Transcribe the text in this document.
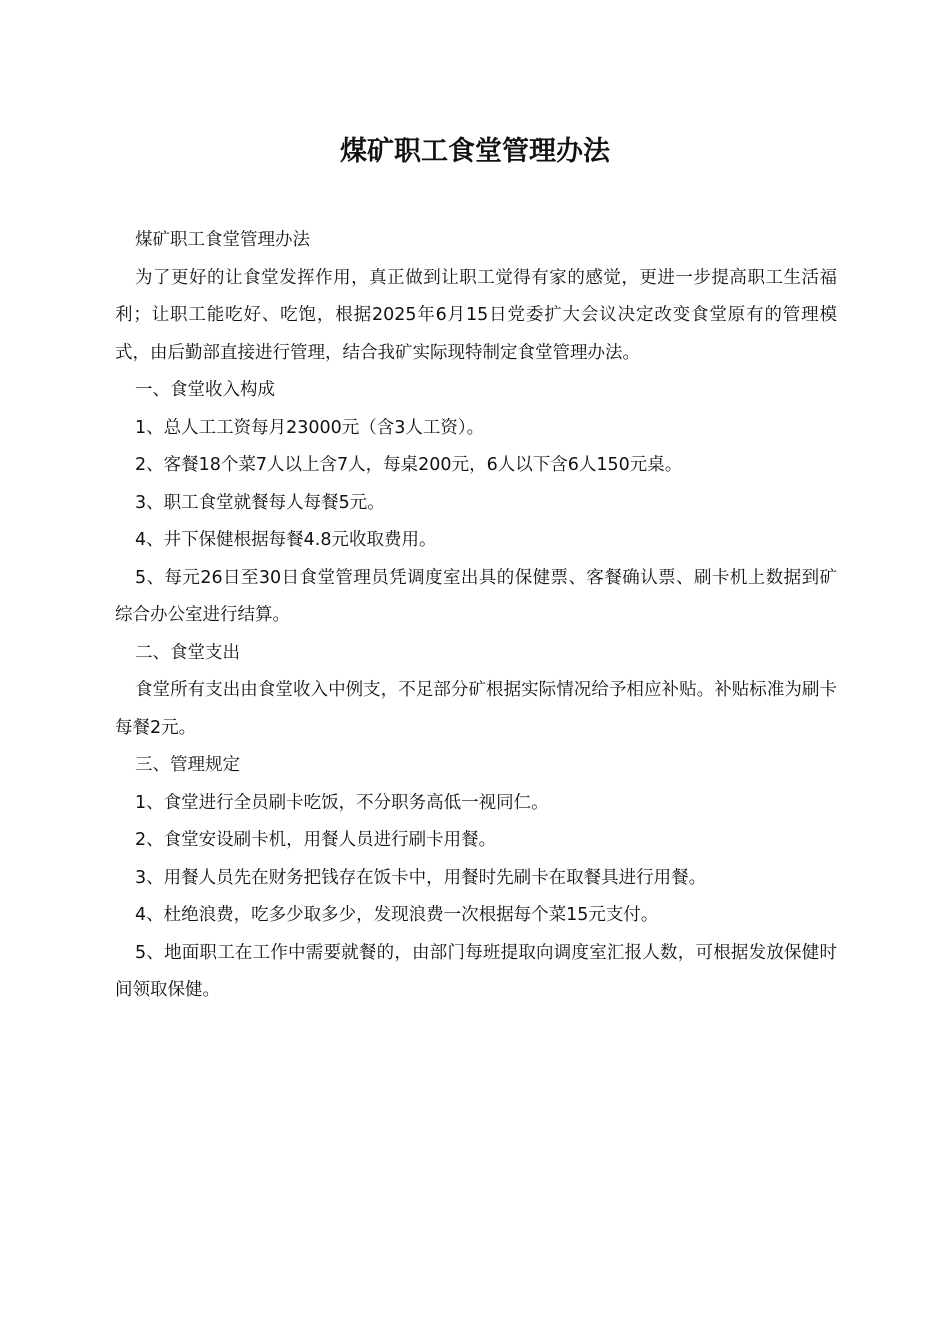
煤矿职工食堂管理办法

煤矿职工食堂管理办法

为了更好的让食堂发挥作用，真正做到让职工觉得有家的感觉，更进一步提高职工生活福利；让职工能吃好、吃饱，根据2025年6月15日党委扩大会议决定改变食堂原有的管理模式，由后勤部直接进行管理，结合我矿实际现特制定食堂管理办法。

一、食堂收入构成

1、总人工工资每月23000元（含3人工资）。

2、客餐18个菜7人以上含7人，每桌200元，6人以下含6人150元桌。

3、职工食堂就餐每人每餐5元。

4、井下保健根据每餐4.8元收取费用。

5、每元26日至30日食堂管理员凭调度室出具的保健票、客餐确认票、刷卡机上数据到矿综合办公室进行结算。

二、食堂支出

食堂所有支出由食堂收入中例支，不足部分矿根据实际情况给予相应补贴。补贴标准为刷卡每餐2元。

三、管理规定

1、食堂进行全员刷卡吃饭，不分职务高低一视同仁。

2、食堂安设刷卡机，用餐人员进行刷卡用餐。

3、用餐人员先在财务把钱存在饭卡中，用餐时先刷卡在取餐具进行用餐。

4、杜绝浪费，吃多少取多少，发现浪费一次根据每个菜15元支付。

5、地面职工在工作中需要就餐的，由部门每班提取向调度室汇报人数，可根据发放保健时间领取保健。
